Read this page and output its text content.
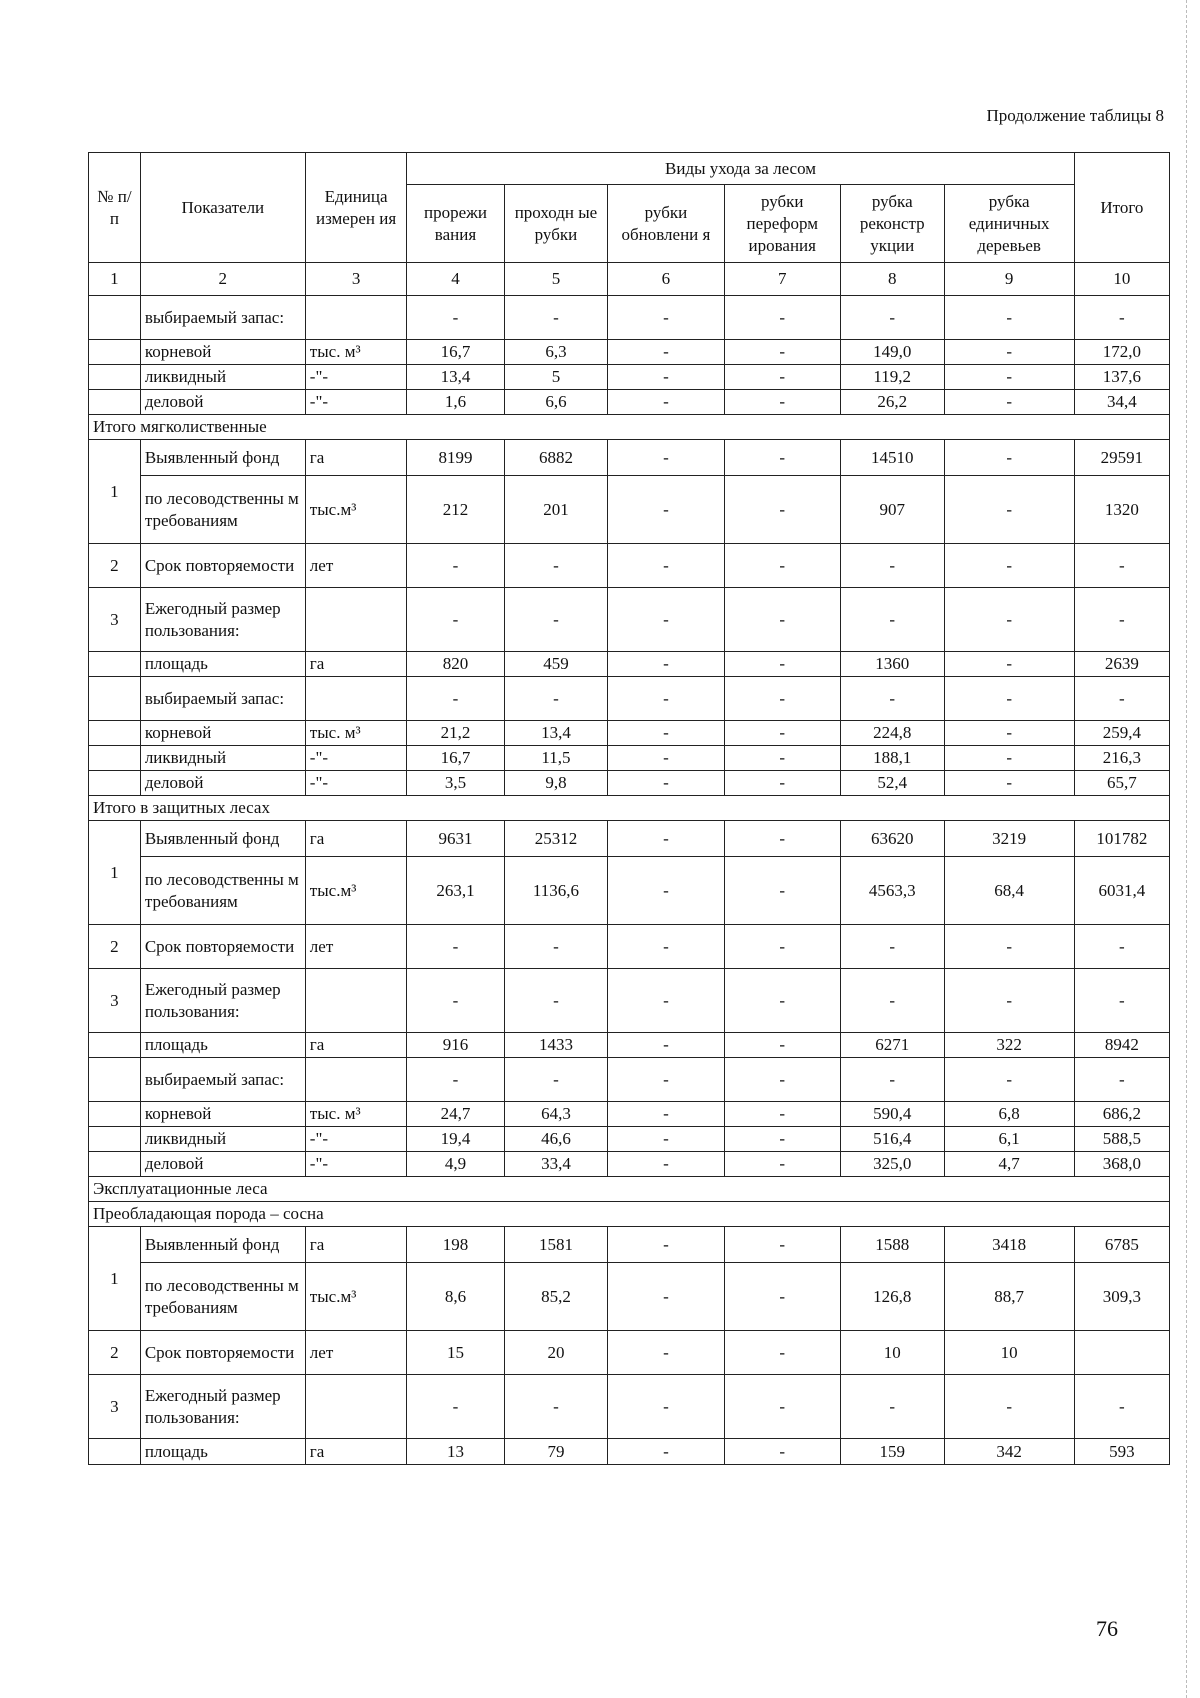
Продолжение таблицы 8
№ п/п	Показатели	Единица измерен ия	Виды ухода за лесом						Итого
			прорежи вания	проходн ые рубки	рубки обновлени я	рубки переформ ирования	рубка реконстр укции	рубка единичных деревьев	
1	2	3	4	5	6	7	8	9	10
	выбираемый запас:		-	-	-	-	-	-	-
	корневой	тыс. м³	16,7	6,3	-	-	149,0	-	172,0
	ликвидный	-"-	13,4	5	-	-	119,2	-	137,6
	деловой	-"-	1,6	6,6	-	-	26,2	-	34,4
Итого мягколиственные									
1	Выявленный фонд	га	8199	6882	-	-	14510	-	29591
	по лесоводственны м требованиям	тыс.м³	212	201	-	-	907	-	1320
2	Срок повторяемости	лет	-	-	-	-	-	-	-
3	Ежегодный размер пользования:		-	-	-	-	-	-	-
	площадь	га	820	459	-	-	1360	-	2639
	выбираемый запас:		-	-	-	-	-	-	-
	корневой	тыс. м³	21,2	13,4	-	-	224,8	-	259,4
	ликвидный	-"-	16,7	11,5	-	-	188,1	-	216,3
	деловой	-"-	3,5	9,8	-	-	52,4	-	65,7
Итого в защитных лесах									
1	Выявленный фонд	га	9631	25312	-	-	63620	3219	101782
	по лесоводственны м требованиям	тыс.м³	263,1	1136,6	-	-	4563,3	68,4	6031,4
2	Срок повторяемости	лет	-	-	-	-	-	-	-
3	Ежегодный размер пользования:		-	-	-	-	-	-	-
	площадь	га	916	1433	-	-	6271	322	8942
	выбираемый запас:		-	-	-	-	-	-	-
	корневой	тыс. м³	24,7	64,3	-	-	590,4	6,8	686,2
	ликвидный	-"-	19,4	46,6	-	-	516,4	6,1	588,5
	деловой	-"-	4,9	33,4	-	-	325,0	4,7	368,0
Эксплуатационные леса									
Преобладающая порода – сосна									
1	Выявленный фонд	га	198	1581	-	-	1588	3418	6785
	по лесоводственны м требованиям	тыс.м³	8,6	85,2	-	-	126,8	88,7	309,3
2	Срок повторяемости	лет	15	20	-	-	10	10	
3	Ежегодный размер пользования:		-	-	-	-	-	-	-
	площадь	га	13	79	-	-	159	342	593
76
